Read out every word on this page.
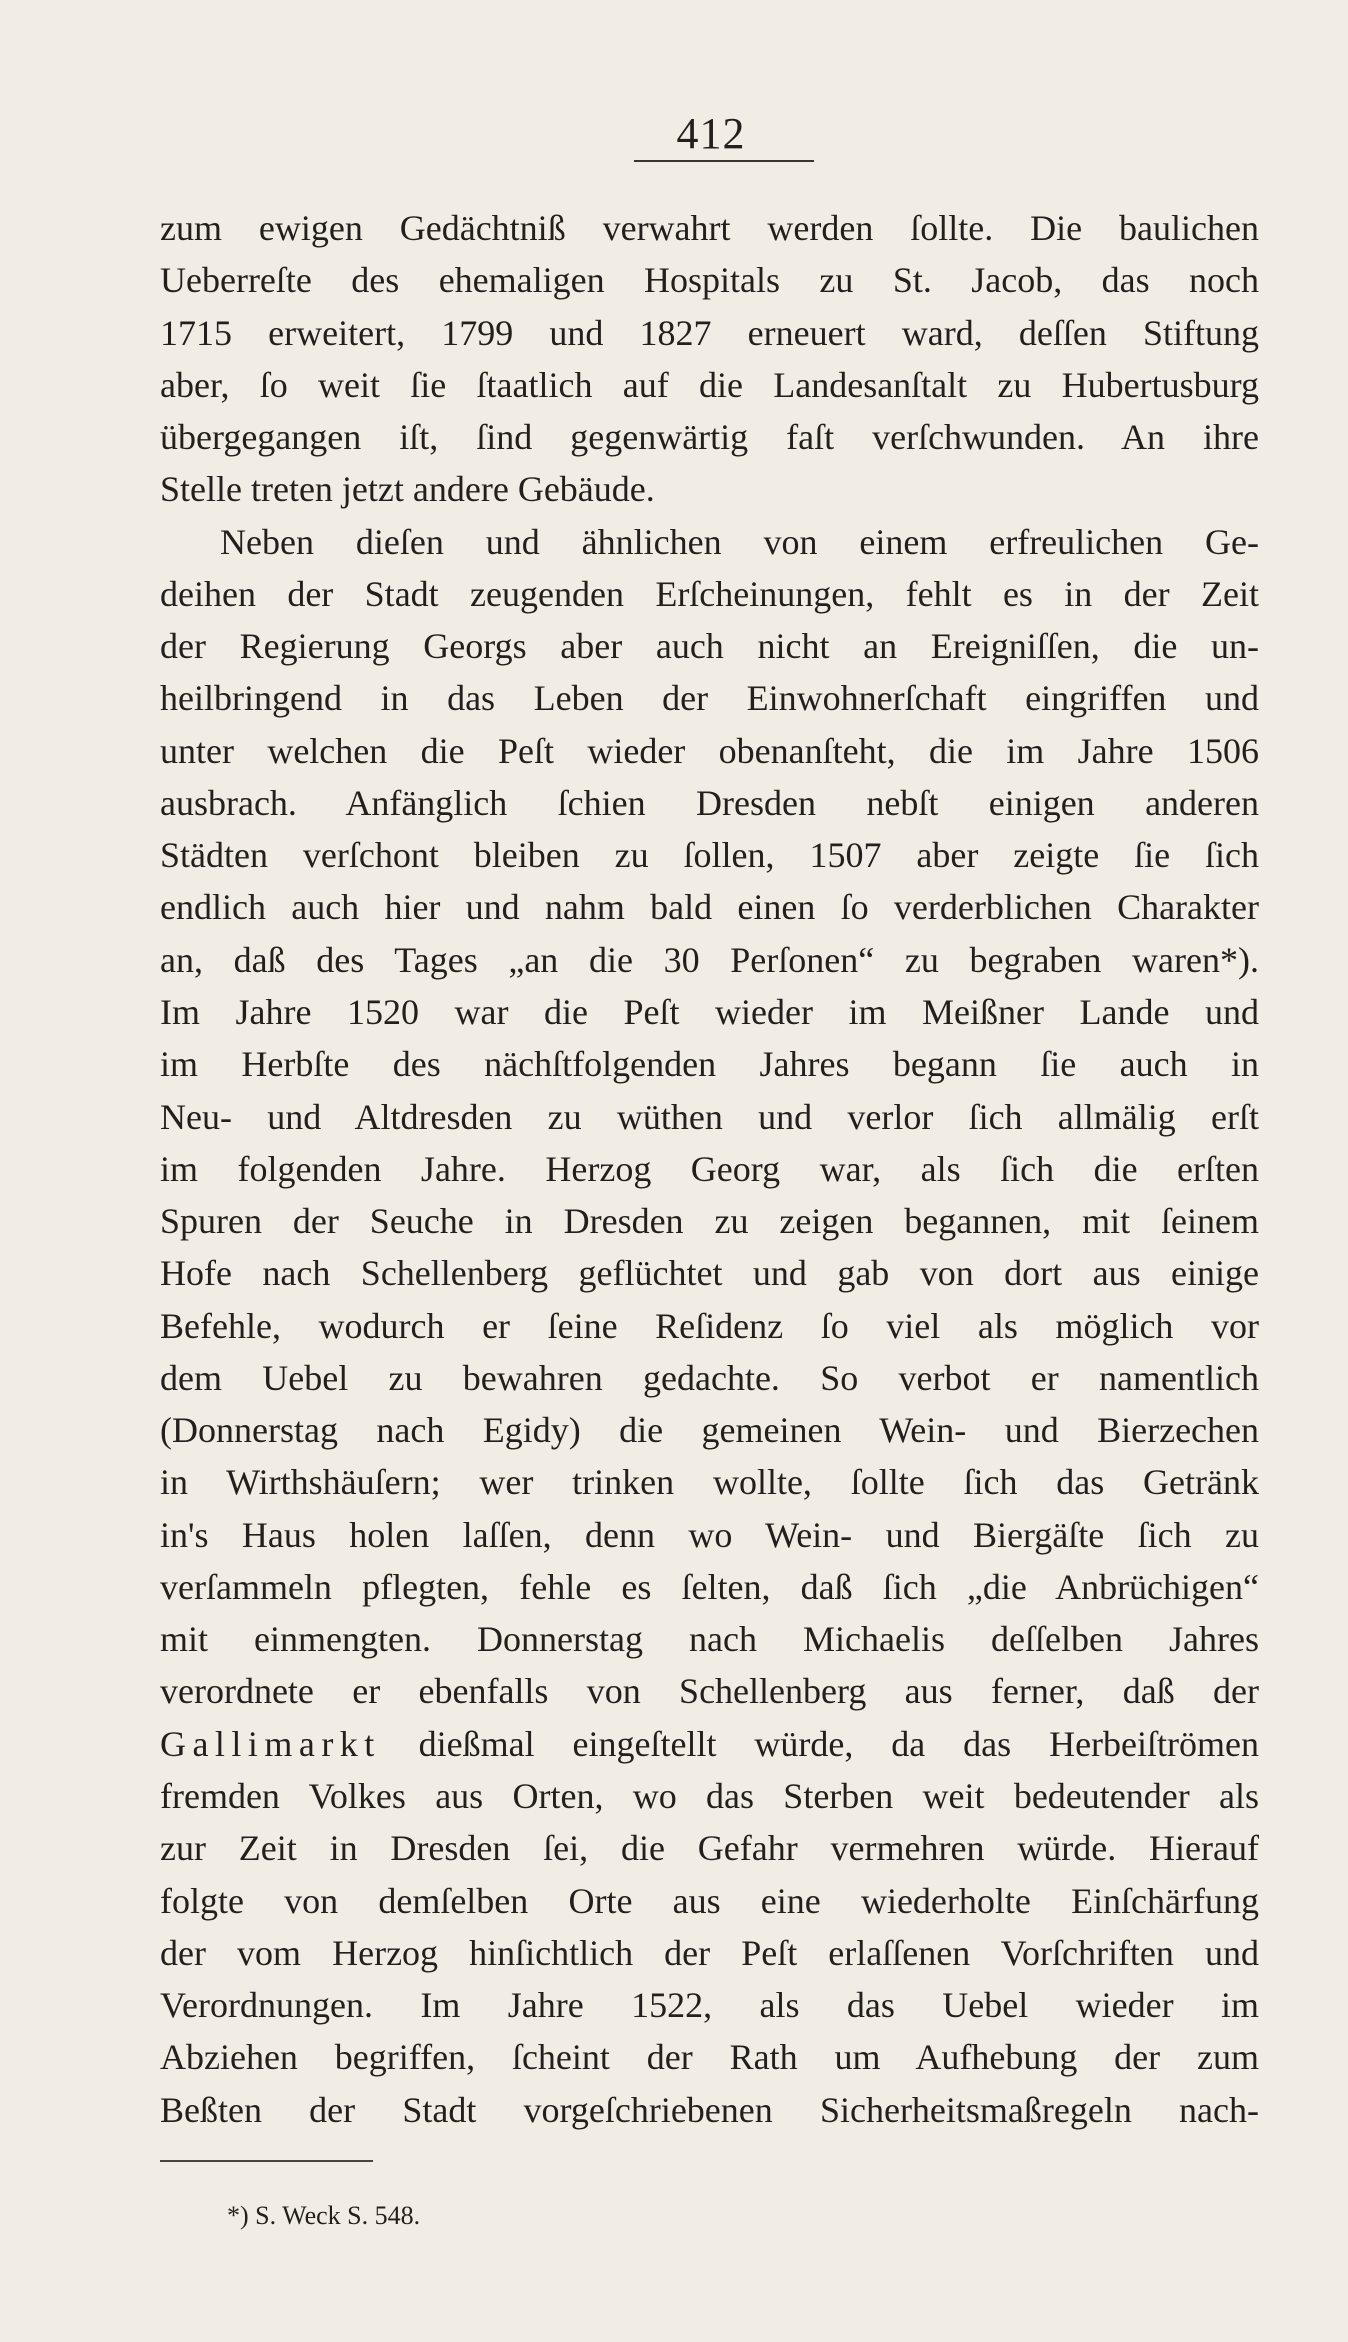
412
zum ewigen Gedächtniß verwahrt werden ſollte. Die baulichen
Ueberreſte des ehemaligen Hospitals zu St. Jacob, das noch
1715 erweitert, 1799 und 1827 erneuert ward, deſſen Stiftung
aber, ſo weit ſie ſtaatlich auf die Landesanſtalt zu Hubertusburg
übergegangen iſt, ſind gegenwärtig faſt verſchwunden. An ihre
Stelle treten jetzt andere Gebäude.
Neben dieſen und ähnlichen von einem erfreulichen Ge-
deihen der Stadt zeugenden Erſcheinungen, fehlt es in der Zeit
der Regierung Georgs aber auch nicht an Ereigniſſen, die un-
heilbringend in das Leben der Einwohnerſchaft eingriffen und
unter welchen die Peſt wieder obenanſteht, die im Jahre 1506
ausbrach. Anfänglich ſchien Dresden nebſt einigen anderen
Städten verſchont bleiben zu ſollen, 1507 aber zeigte ſie ſich
endlich auch hier und nahm bald einen ſo verderblichen Charakter
an, daß des Tages „an die 30 Perſonen“ zu begraben waren*).
Im Jahre 1520 war die Peſt wieder im Meißner Lande und
im Herbſte des nächſtfolgenden Jahres begann ſie auch in
Neu- und Altdresden zu wüthen und verlor ſich allmälig erſt
im folgenden Jahre. Herzog Georg war, als ſich die erſten
Spuren der Seuche in Dresden zu zeigen begannen, mit ſeinem
Hofe nach Schellenberg geflüchtet und gab von dort aus einige
Befehle, wodurch er ſeine Reſidenz ſo viel als möglich vor
dem Uebel zu bewahren gedachte. So verbot er namentlich
(Donnerstag nach Egidy) die gemeinen Wein- und Bierzechen
in Wirthshäuſern; wer trinken wollte, ſollte ſich das Getränk
in's Haus holen laſſen, denn wo Wein- und Biergäſte ſich zu
verſammeln pflegten, fehle es ſelten, daß ſich „die Anbrüchigen“
mit einmengten. Donnerstag nach Michaelis deſſelben Jahres
verordnete er ebenfalls von Schellenberg aus ferner, daß der
Gallimarkt dießmal eingeſtellt würde, da das Herbeiſtrömen
fremden Volkes aus Orten, wo das Sterben weit bedeutender als
zur Zeit in Dresden ſei, die Gefahr vermehren würde. Hierauf
folgte von demſelben Orte aus eine wiederholte Einſchärfung
der vom Herzog hinſichtlich der Peſt erlaſſenen Vorſchriften und
Verordnungen. Im Jahre 1522, als das Uebel wieder im
Abziehen begriffen, ſcheint der Rath um Aufhebung der zum
Beßten der Stadt vorgeſchriebenen Sicherheitsmaßregeln nach-
*) S. Weck S. 548.
